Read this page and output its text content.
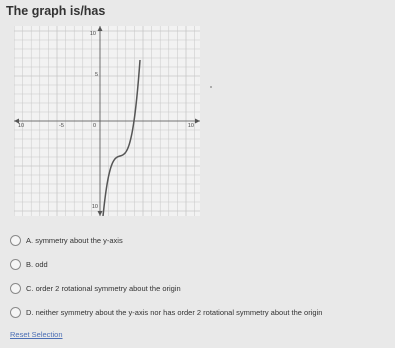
The graph is/has
10
5
10	-5	0	10
10
A.
symmetry about the y-axis
B.
odd
C.
order 2 rotational symmetry about the origin
D.
neither symmetry about the y-axis nor has order 2 rotational symmetry about the origin
Reset Selection
